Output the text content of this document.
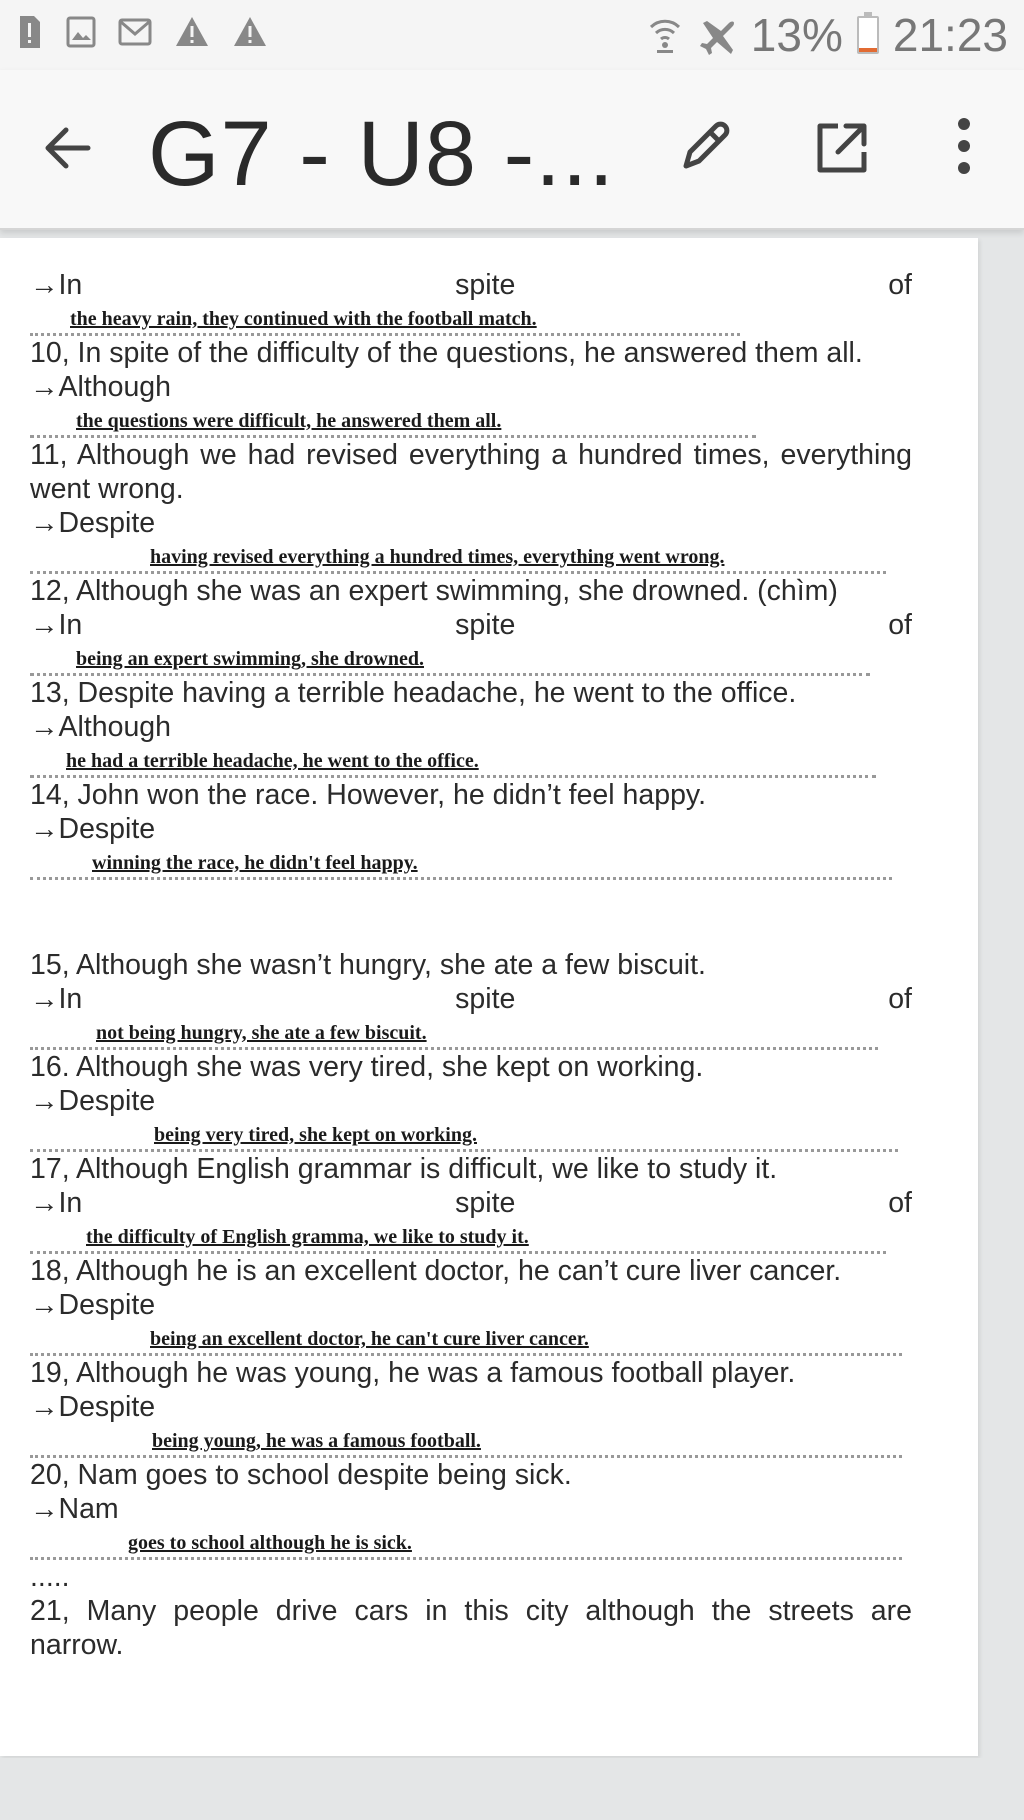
13% 21:23
G7 - U8 -...
→In	spite	of
the heavy rain, they continued with the football match.
10, In spite of the difficulty of the questions, he answered them all.
→Although
the questions were difficult, he answered them all.
11, Although we had revised everything a hundred times, everything went wrong.
→Despite
having revised everything a hundred times, everything went wrong.
12, Although she was an expert swimming, she drowned. (chìm)
→In	spite	of
being an expert swimming, she drowned.
13, Despite having a terrible headache, he went to the office.
→Although
he had a terrible headache, he went to the office.
14, John won the race. However, he didn’t feel happy.
→Despite
winning the race, he didn't feel happy.
15, Although she wasn’t hungry, she ate a few biscuit.
→In	spite	of
not being hungry, she ate a few biscuit.
16. Although she was very tired, she kept on working.
→Despite
being very tired, she kept on working.
17, Although English grammar is difficult, we like to study it.
→In	spite	of
the difficulty of English gramma, we like to study it.
18, Although he is an excellent doctor, he can’t cure liver cancer.
→Despite
being an excellent doctor, he can't cure liver cancer.
19, Although he was young, he was a famous football player.
→Despite
being young, he was a famous football.
20, Nam goes to school despite being sick.
→Nam
goes to school although he is sick.
.....
21, Many people drive cars in this city although the streets are narrow.
